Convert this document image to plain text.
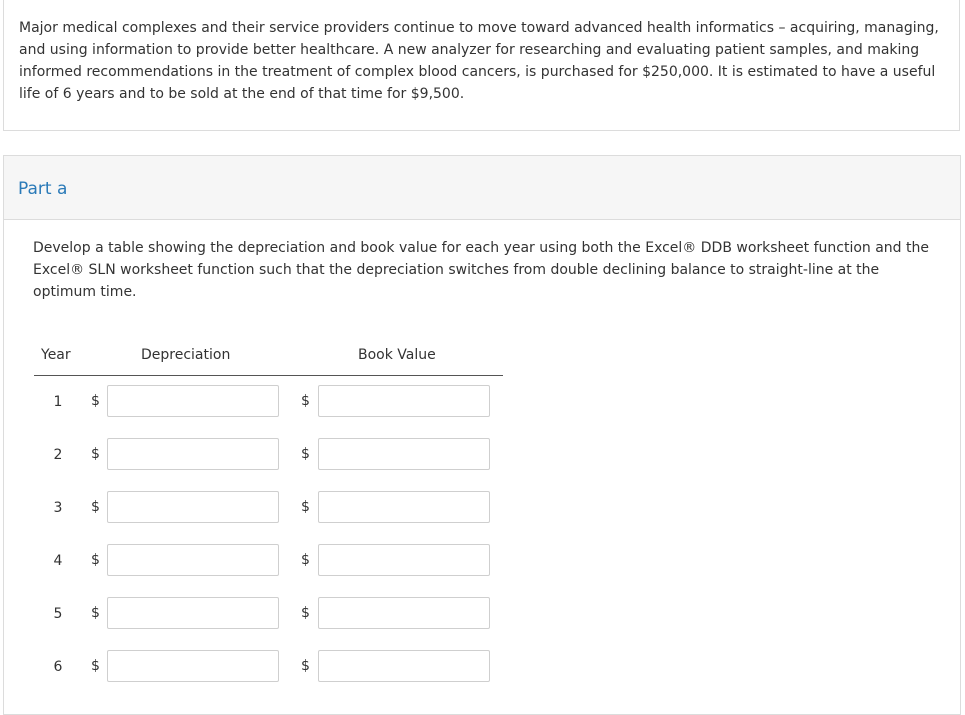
Major medical complexes and their service providers continue to move toward advanced health informatics – acquiring, managing, and using information to provide better healthcare. A new analyzer for researching and evaluating patient samples, and making informed recommendations in the treatment of complex blood cancers, is purchased for $250,000. It is estimated to have a useful life of 6 years and to be sold at the end of that time for $9,500.

Part a

Develop a table showing the depreciation and book value for each year using both the Excel® DDB worksheet function and the Excel® SLN worksheet function such that the depreciation switches from double declining balance to straight-line at the optimum time.

Year	Depreciation	Book Value
1 $	$
2 $	$
3 $	$
4 $	$
5 $	$
6 $	$
